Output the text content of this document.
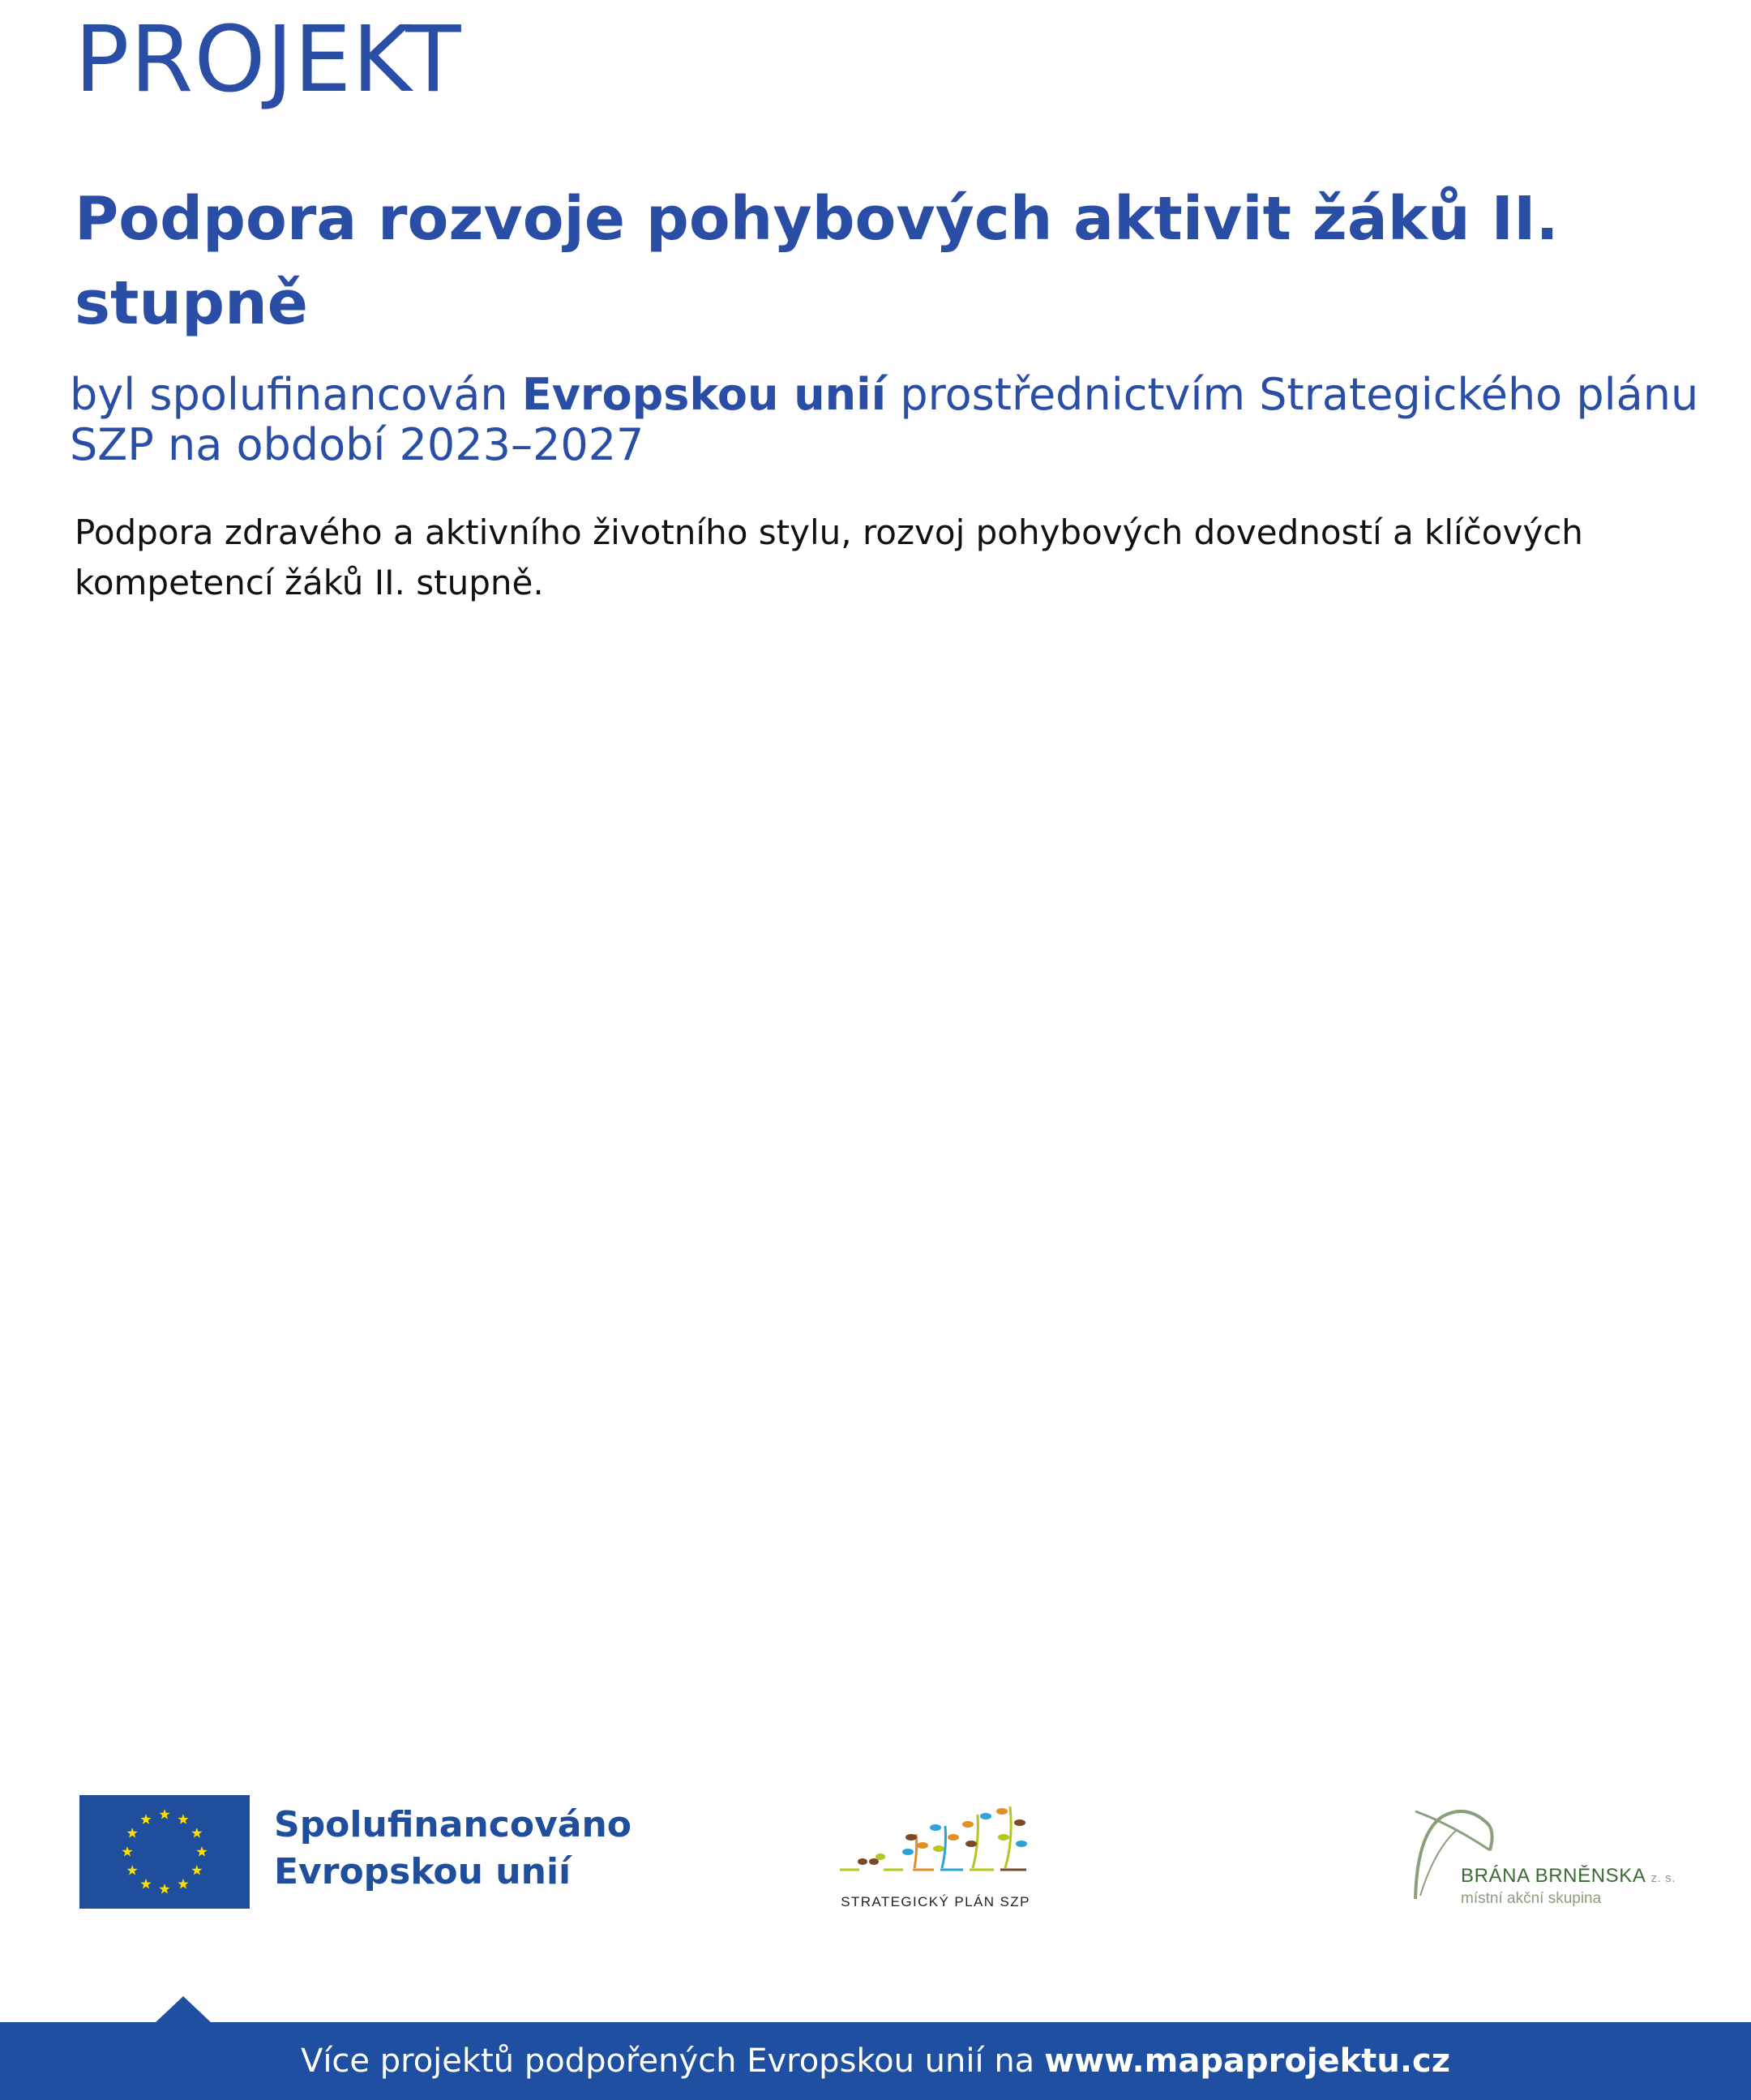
PROJEKT
Podpora rozvoje pohybových aktivit žáků II. stupně
byl spolufinancován Evropskou unií prostřednictvím Strategického plánu SZP na období 2023–2027
Podpora zdravého a aktivního životního stylu, rozvoj pohybových dovedností a klíčových kompetencí žáků II. stupně.
Spolufinancováno
Evropskou unií
STRATEGICKÝ PLÁN SZP
BRÁNA BRNĚNSKA z. s.
místní akční skupina
Více projektů podpořených Evropskou unií na www.mapaprojektu.cz
